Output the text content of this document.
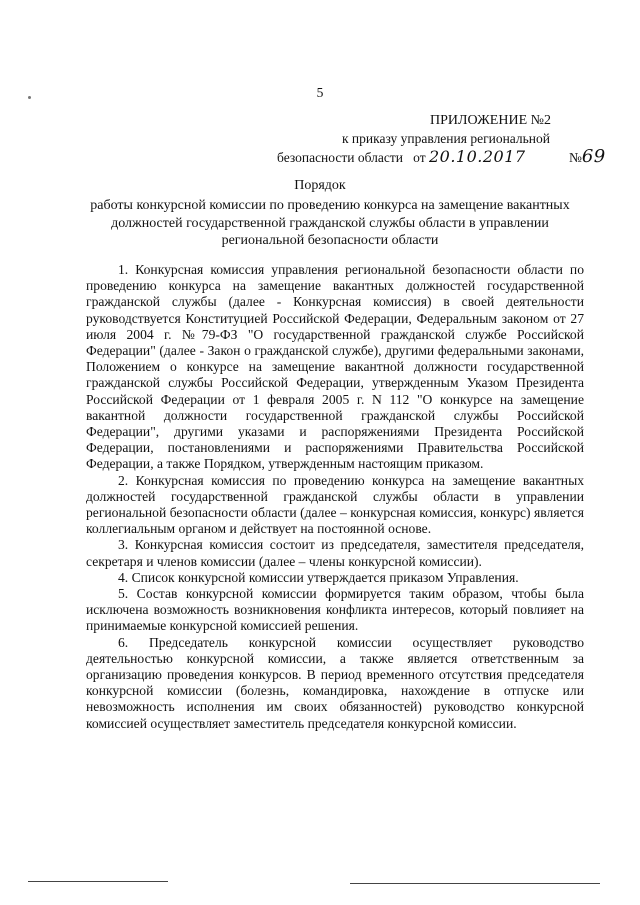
5
ПРИЛОЖЕНИЕ №2
к приказу управления региональной
безопасности области от 20.10.2017	№69
Порядок
работы конкурсной комиссии по проведению конкурса на замещение вакантных должностей государственной гражданской службы области в управлении региональной безопасности области

1. Конкурсная комиссия управления региональной безопасности области по проведению конкурса на замещение вакантных должностей государственной гражданской службы (далее - Конкурсная комиссия) в своей деятельности руководствуется Конституцией Российской Федерации, Федеральным законом от 27 июля 2004 г. №79-ФЗ "О государственной гражданской службе Российской Федерации" (далее - Закон о гражданской службе), другими федеральными законами, Положением о конкурсе на замещение вакантной должности государственной гражданской службы Российской Федерации, утвержденным Указом Президента Российской Федерации от 1 февраля 2005 г. N 112 "О конкурсе на замещение вакантной должности государственной гражданской службы Российской Федерации", другими указами и распоряжениями Президента Российской Федерации, постановлениями и распоряжениями Правительства Российской Федерации, а также Порядком, утвержденным настоящим приказом.

2. Конкурсная комиссия по проведению конкурса на замещение вакантных должностей государственной гражданской службы области в управлении региональной безопасности области (далее – конкурсная комиссия, конкурс) является коллегиальным органом и действует на постоянной основе.

3. Конкурсная комиссия состоит из председателя, заместителя председателя, секретаря и членов комиссии (далее – члены конкурсной комиссии).

4. Список конкурсной комиссии утверждается приказом Управления.

5. Состав конкурсной комиссии формируется таким образом, чтобы была исключена возможность возникновения конфликта интересов, который повлияет на принимаемые конкурсной комиссией решения.

6. Председатель конкурсной комиссии осуществляет руководство деятельностью конкурсной комиссии, а также является ответственным за организацию проведения конкурсов. В период временного отсутствия председателя конкурсной комиссии (болезнь, командировка, нахождение в отпуске или невозможность исполнения им своих обязанностей) руководство конкурсной комиссией осуществляет заместитель председателя конкурсной комиссии.
